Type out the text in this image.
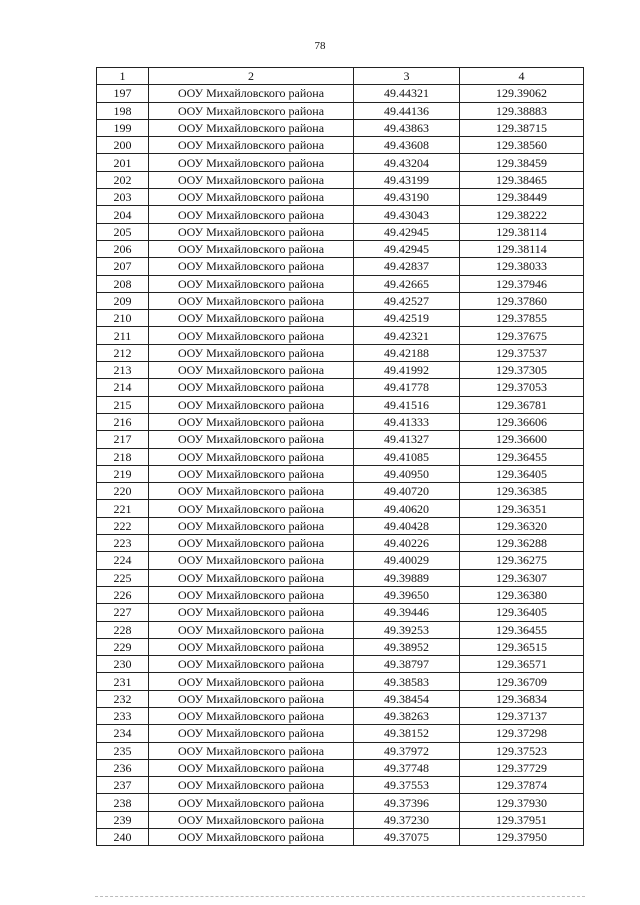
78
1	2	3	4
197	ООУ Михайловского района	49.44321	129.39062
198	ООУ Михайловского района	49.44136	129.38883
199	ООУ Михайловского района	49.43863	129.38715
200	ООУ Михайловского района	49.43608	129.38560
201	ООУ Михайловского района	49.43204	129.38459
202	ООУ Михайловского района	49.43199	129.38465
203	ООУ Михайловского района	49.43190	129.38449
204	ООУ Михайловского района	49.43043	129.38222
205	ООУ Михайловского района	49.42945	129.38114
206	ООУ Михайловского района	49.42945	129.38114
207	ООУ Михайловского района	49.42837	129.38033
208	ООУ Михайловского района	49.42665	129.37946
209	ООУ Михайловского района	49.42527	129.37860
210	ООУ Михайловского района	49.42519	129.37855
211	ООУ Михайловского района	49.42321	129.37675
212	ООУ Михайловского района	49.42188	129.37537
213	ООУ Михайловского района	49.41992	129.37305
214	ООУ Михайловского района	49.41778	129.37053
215	ООУ Михайловского района	49.41516	129.36781
216	ООУ Михайловского района	49.41333	129.36606
217	ООУ Михайловского района	49.41327	129.36600
218	ООУ Михайловского района	49.41085	129.36455
219	ООУ Михайловского района	49.40950	129.36405
220	ООУ Михайловского района	49.40720	129.36385
221	ООУ Михайловского района	49.40620	129.36351
222	ООУ Михайловского района	49.40428	129.36320
223	ООУ Михайловского района	49.40226	129.36288
224	ООУ Михайловского района	49.40029	129.36275
225	ООУ Михайловского района	49.39889	129.36307
226	ООУ Михайловского района	49.39650	129.36380
227	ООУ Михайловского района	49.39446	129.36405
228	ООУ Михайловского района	49.39253	129.36455
229	ООУ Михайловского района	49.38952	129.36515
230	ООУ Михайловского района	49.38797	129.36571
231	ООУ Михайловского района	49.38583	129.36709
232	ООУ Михайловского района	49.38454	129.36834
233	ООУ Михайловского района	49.38263	129.37137
234	ООУ Михайловского района	49.38152	129.37298
235	ООУ Михайловского района	49.37972	129.37523
236	ООУ Михайловского района	49.37748	129.37729
237	ООУ Михайловского района	49.37553	129.37874
238	ООУ Михайловского района	49.37396	129.37930
239	ООУ Михайловского района	49.37230	129.37951
240	ООУ Михайловского района	49.37075	129.37950
